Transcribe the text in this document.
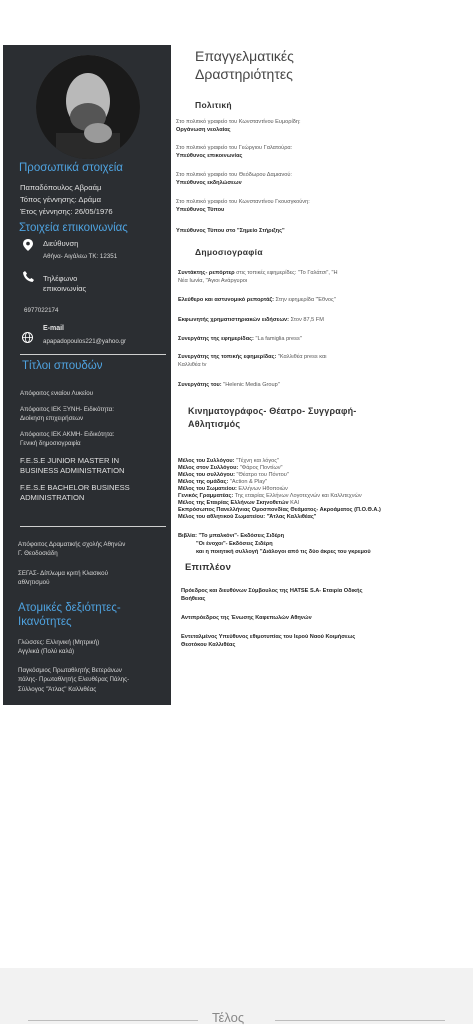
Προσωπικά στοιχεία
Παπαδόπουλος Αβραάμ
Τόπος γέννησης: Δράμα
Έτος γέννησης: 26/05/1976
Στοιχεία επικοινωνίας
Διεύθυνση
Αθήνα- Αιγάλεω ΤΚ: 12351
Τηλέφωνο
επικοινωνίας
6977022174
E-mail
apapadopoulos221@yahoo.gr
Τίτλοι σπουδών
Απόφοιτος ενιαίου Λυκείου
Απόφοιτος ΙΕΚ ΞΥΝΗ- Ειδικότητα:
Διοίκηση επιχειρήσεων
Απόφοιτος ΙΕΚ ΑΚΜΗ- Ειδικότητα:
Γενική δημοσιογραφία
F.E.S.E JUNIOR MASTER IN
BUSINESS ADMINISTRATION
F.E.S.E BACHELOR BUSINESS
ADMINISTRATION
Απόφοιτος Δραματικής σχολής Αθηνών
Γ. Θεοδοσιάδη
ΣΕΓΑΣ- Δίπλωμα κριτή Κλασικού
αθλητισμού
Ατομικές δεξιότητες-
Ικανότητες
Γλώσσες: Ελληνική (Μητρική)
Αγγλικά (Πολύ καλά)
Παγκόσμιος Πρωταθλητής Βετεράνων
πάλης- Πρωταθλητής Ελευθέρας Πάλης-
Σύλλογος "Άτλας" Καλλιθέας
Επαγγελματικές
Δραστηριότητες
Πολιτική
Στο πολιτικό γραφείο του Κωνσταντίνου Ευμορίδη:
Οργάνωση νεολαίας
Στο πολιτικό γραφείο του Γεώργιου Γαλατούρα:
Υπεύθυνος επικοινωνίας
Στο πολιτικό γραφείο του Θεόδωρου Δαμιανού:
Υπεύθυνος εκδηλώσεων
Στο πολιτικό γραφείο του Κωνσταντίνου Γκουσγκούνη:
Υπεύθυνος Τύπου
Υπεύθυνος Τύπου στο "Σημείο Στήριξης"
Δημοσιογραφία
Συντάκτης- ρεπόρτερ στις τοπικές εφημερίδες: "Το Γαλάτσι", "Η
Νέα Ιωνία, "Άγιοι Ανάργυροι
Ελεύθερο και αστυνομικό ρεπορτάζ: Στην εφημερίδα "Έθνος"
Εκφωνητής χρηματιστηριακών ειδήσεων: Στον 87,5 FM
Συνεργάτης της εφημερίδας: "La famiglia press"
Συνεργάτης της τοπικής εφημερίδας: "Καλλιθέα press και
Καλλιθέα tv
Συνεργάτης του: "Helenic Media Group"
Κινηματογράφος- Θέατρο- Συγγραφή-
Αθλητισμός
Μέλος του Συλλόγου: "Τέχνη και λόγος"
Μέλος στον Συλλόγου: "Φάρος Ποντίων"
Μέλος του συλλόγου: "Θέατρο του Πόντου"
Μέλος της ομάδας: "Action & Play"
Μέλος του Σωματείου: Ελλήνων Ηθοποιών
Γενικός Γραμματέας: Της εταιρίας Ελλήνων Λογοτεχνών και Καλλιτεχνών
Μέλος της Εταιρίας Ελλήνων Σκηνοθετών ΚΑΙ
Εκπρόσωπος Πανελλήνιας Ομοσπονδίας Θεάματος- Ακροάματος (Π.Ο.Θ.Α.)
Μέλος του αθλητικού Σωματείου: "Άτλας Καλλιθέας"
Βιβλία: "Το μπαλκόνι"- Εκδόσεις Σιδέρη
"Οι ένοχοι"- Εκδόσεις Σιδέρη
και η ποιητική συλλογή "Διάλογοι από τις δύο άκρες του γκρεμού
Επιπλέον
Πρόεδρος και διευθύνων Σύμβουλος της HATSE S.A- Εταιρία Οδικής
Βοήθειας
Αντιπρόεδρος της Ένωσης Καφεπωλών Αθηνών
Εντεταλμένος Υπεύθυνος εθιμοτυπίας του Ιερού Ναού Κοιμήσεως
Θεοτόκου Καλλιθέας
Τέλος
